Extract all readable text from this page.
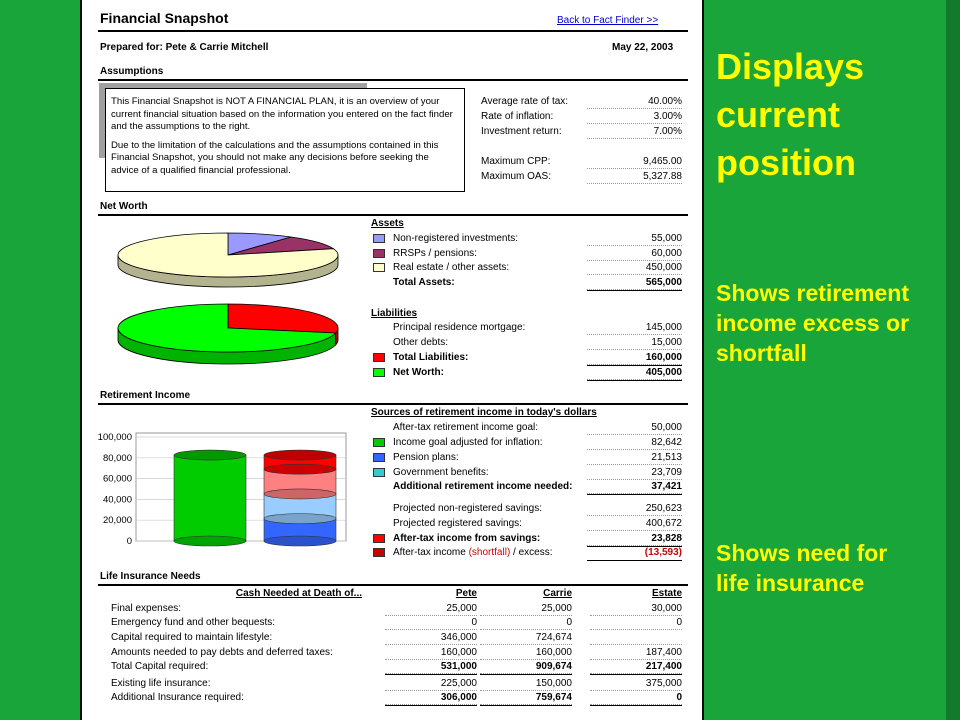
Financial Snapshot	Back to Fact Finder >>
Prepared for: Pete & Carrie Mitchell	May 22, 2003
Assumptions

This Financial Snapshot is NOT A FINANCIAL PLAN, it is an overview of your current financial situation based on the information you entered on the fact finder and the assumptions to the right.

Due to the limitation of the calculations and the assumptions contained in this Financial Snapshot, you should not make any decisions before seeking the advice of a qualified financial professional.

Net Worth
Assets
Liabilities
Retirement Income
100,000
80,000
60,000
40,000
20,000
0
Sources of retirement income in today's dollars
Life Insurance Needs
Average rate of tax:	40.00%
Rate of inflation:	3.00%
Investment return:	7.00%
Maximum CPP:	9,465.00
Maximum OAS:	5,327.88
Non-registered investments:	55,000
RRSPs / pensions:	60,000
Real estate / other assets:	450,000
Total Assets:	565,000
Principal residence mortgage:	145,000
Other debts:	15,000
Total Liabilities:	160,000
Net Worth:	405,000
After-tax retirement income goal:	50,000
Income goal adjusted for inflation:	82,642
Pension plans:	21,513
Government benefits:	23,709
Additional retirement income needed:	37,421
Projected non-registered savings:	250,623
Projected registered savings:	400,672
After-tax income from savings:	23,828
After-tax income (shortfall) / excess:	(13,593)
Cash Needed at Death of...	Pete	Carrie	Estate
Final expenses:	25,000	25,000	30,000
Emergency fund and other bequests:	0	0	0
Capital required to maintain lifestyle:	346,000	724,674
Amounts needed to pay debts and deferred taxes:	160,000	160,000	187,400
Total Capital required:	531,000	909,674	217,400
Existing life insurance:	225,000	150,000	375,000
Additional Insurance required:	306,000	759,674	0
Displays current position
Shows retirement income excess or shortfall
Shows need for life insurance
